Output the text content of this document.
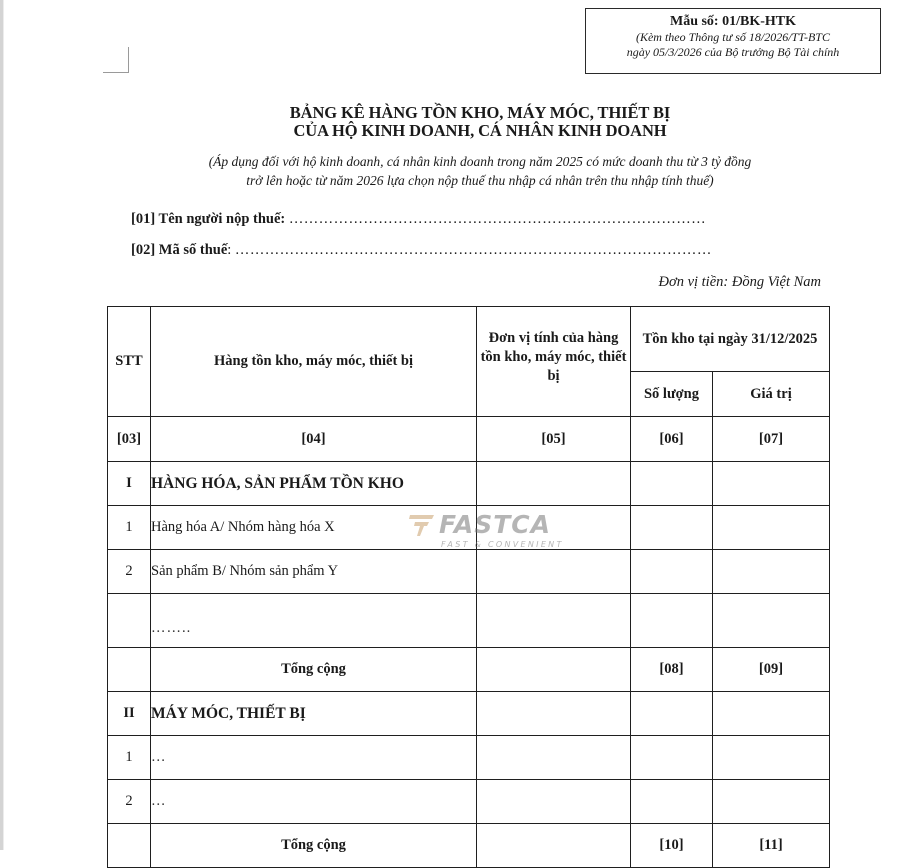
Mẫu số: 01/BK-HTK
(Kèm theo Thông tư số 18/2026/TT-BTC
ngày 05/3/2026 của Bộ trưởng Bộ Tài chính
BẢNG KÊ HÀNG TỒN KHO, MÁY MÓC, THIẾT BỊ
CỦA HỘ KINH DOANH, CÁ NHÂN KINH DOANH
(Áp dụng đối với hộ kinh doanh, cá nhân kinh doanh trong năm 2025 có mức doanh thu từ 3 tỷ đồng
trở lên hoặc từ năm 2026 lựa chọn nộp thuế thu nhập cá nhân trên thu nhập tính thuế)
[01] Tên người nộp thuế: …………………………………………………………………………
[02] Mã số thuế: ……………………………………………………………………………………
Đơn vị tiền: Đồng Việt Nam
STT	Hàng tồn kho, máy móc, thiết bị	Đơn vị tính của hàng tồn kho, máy móc, thiết bị	Tồn kho tại ngày 31/12/2025	
			Số lượng	Giá trị
[03]	[04]	[05]	[06]	[07]
I	HÀNG HÓA, SẢN PHẨM TỒN KHO			
1	Hàng hóa A/ Nhóm hàng hóa X			
2	Sản phẩm B/ Nhóm sản phẩm Y			
	……..			
	Tổng cộng		[08]	[09]
II	MÁY MÓC, THIẾT BỊ			
1	…			
2	…			
	Tổng cộng		[10]	[11]
FASTCA
FAST & CONVENIENT
